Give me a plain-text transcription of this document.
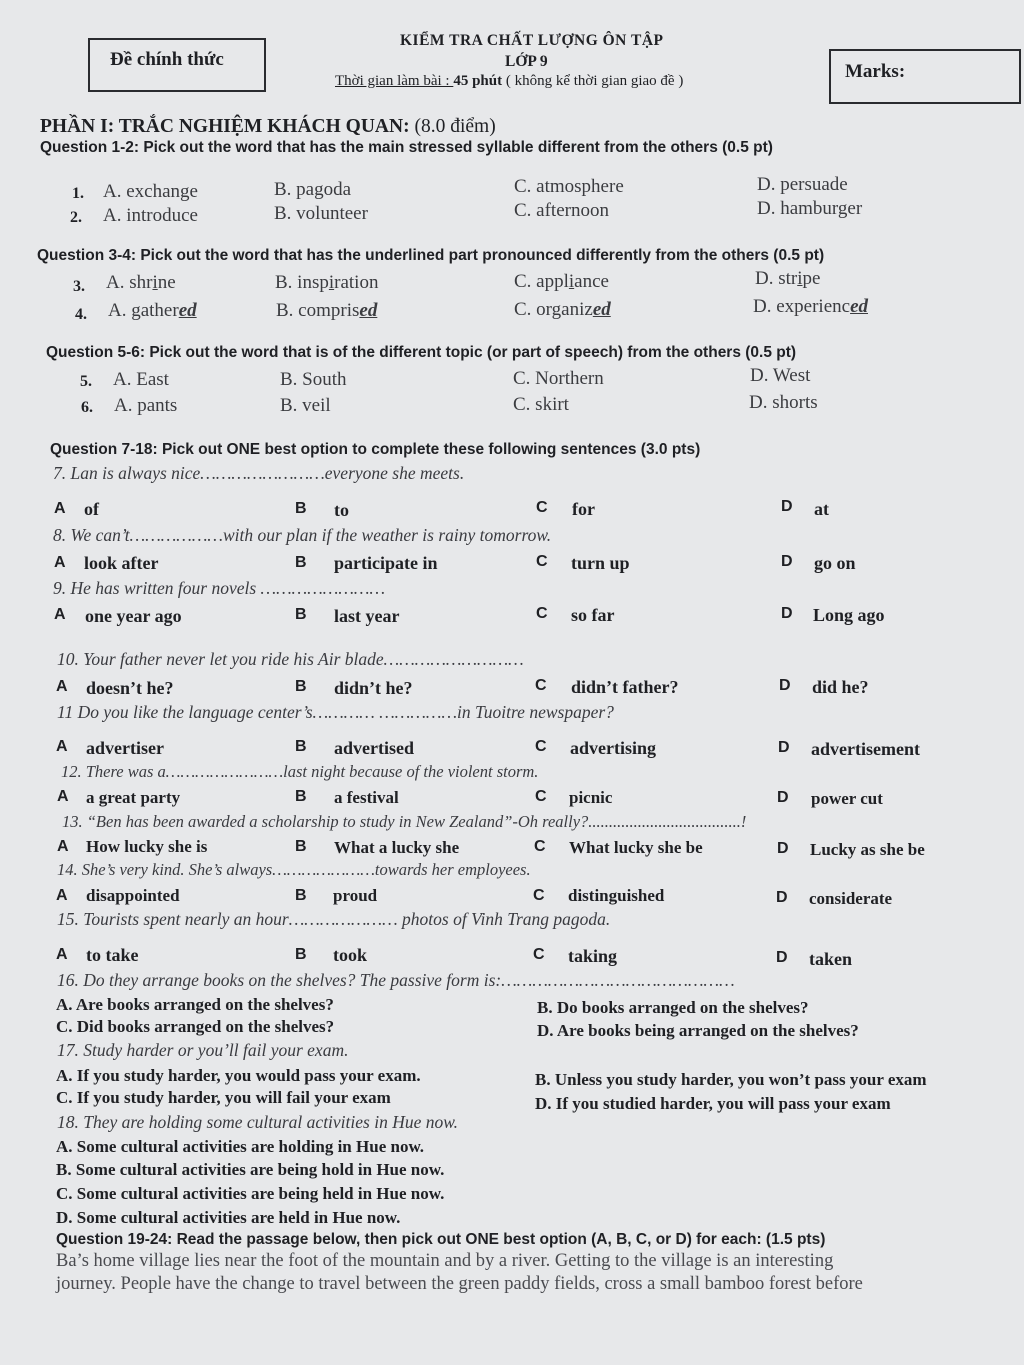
Đề chính thức
KIỂM TRA CHẤT LƯỢNG ÔN TẬP
LỚP 9
Thời gian làm bài : 45 phút ( không kể thời gian giao đề )	Marks:
PHẦN I: TRẮC NGHIỆM KHÁCH QUAN: (8.0 điểm)
Question 1-2: Pick out the word that has the main stressed syllable different from the others (0.5 pt)
1. A. exchange	B. pagoda	C. atmosphere	D. persuade
2. A. introduce	B. volunteer	C. afternoon	D. hamburger
Question 3-4: Pick out the word that has the underlined part pronounced differently from the others (0.5 pt)
3. A. shrine	B. inspiration	C. appliance	D. stripe
4. A. gathered	B. comprised	C. organized	D. experienced
Question 5-6: Pick out the word that is of the different topic (or part of speech) from the others (0.5 pt)
5. A. East	B. South	C. Northern	D. West
6. A. pants	B. veil	C. skirt	D. shorts
Question 7-18: Pick out ONE best option to complete these following sentences (3.0 pts)
7. Lan is always nice……………………everyone she meets.
A of	B to	C for	D at
8. We can’t………………with our plan if the weather is rainy tomorrow.
A look after	B participate in	C turn up	D go on
9. He has written four novels ……………………
A one year ago	B last year	C so far	D Long ago
10. Your father never let you ride his Air blade………………………
A doesn’t he?	B didn’t he?	C didn’t father?	D did he?
11 Do you like the language center’s………… ……………in Tuoitre newspaper?
A advertiser	B advertised	C advertising	D advertisement
12. There was a……………………last night because of the violent storm.
A a great party	B a festival	C picnic	D power cut
13. “Ben has been awarded a scholarship to study in New Zealand”-Oh really?.....................................!
A How lucky she is	B What a lucky she	C What lucky she be	D Lucky as she be
14. She’s very kind. She’s always…………………towards her employees.
A disappointed	B proud	C distinguished	D considerate
15. Tourists spent nearly an hour………………… photos of Vinh Trang pagoda.
A to take	B took	C taking	D taken
16. Do they arrange books on the shelves? The passive form is:………………………………………
A. Are books arranged on the shelves?	B. Do books arranged on the shelves?
C. Did books arranged on the shelves?	D. Are books being arranged on the shelves?
17. Study harder or you’ll fail your exam.
A. If you study harder, you would pass your exam.	B. Unless you study harder, you won’t pass your exam
C. If you study harder, you will fail your exam	D. If you studied harder, you will pass your exam
18. They are holding some cultural activities in Hue now.
A. Some cultural activities are holding in Hue now.
B. Some cultural activities are being hold in Hue now.
C. Some cultural activities are being held in Hue now.
D. Some cultural activities are held in Hue now.
Question 19-24: Read the passage below, then pick out ONE best option (A, B, C, or D) for each: (1.5 pts)
Ba’s home village lies near the foot of the mountain and by a river. Getting to the village is an interesting
journey. People have the change to travel between the green paddy fields, cross a small bamboo forest before
